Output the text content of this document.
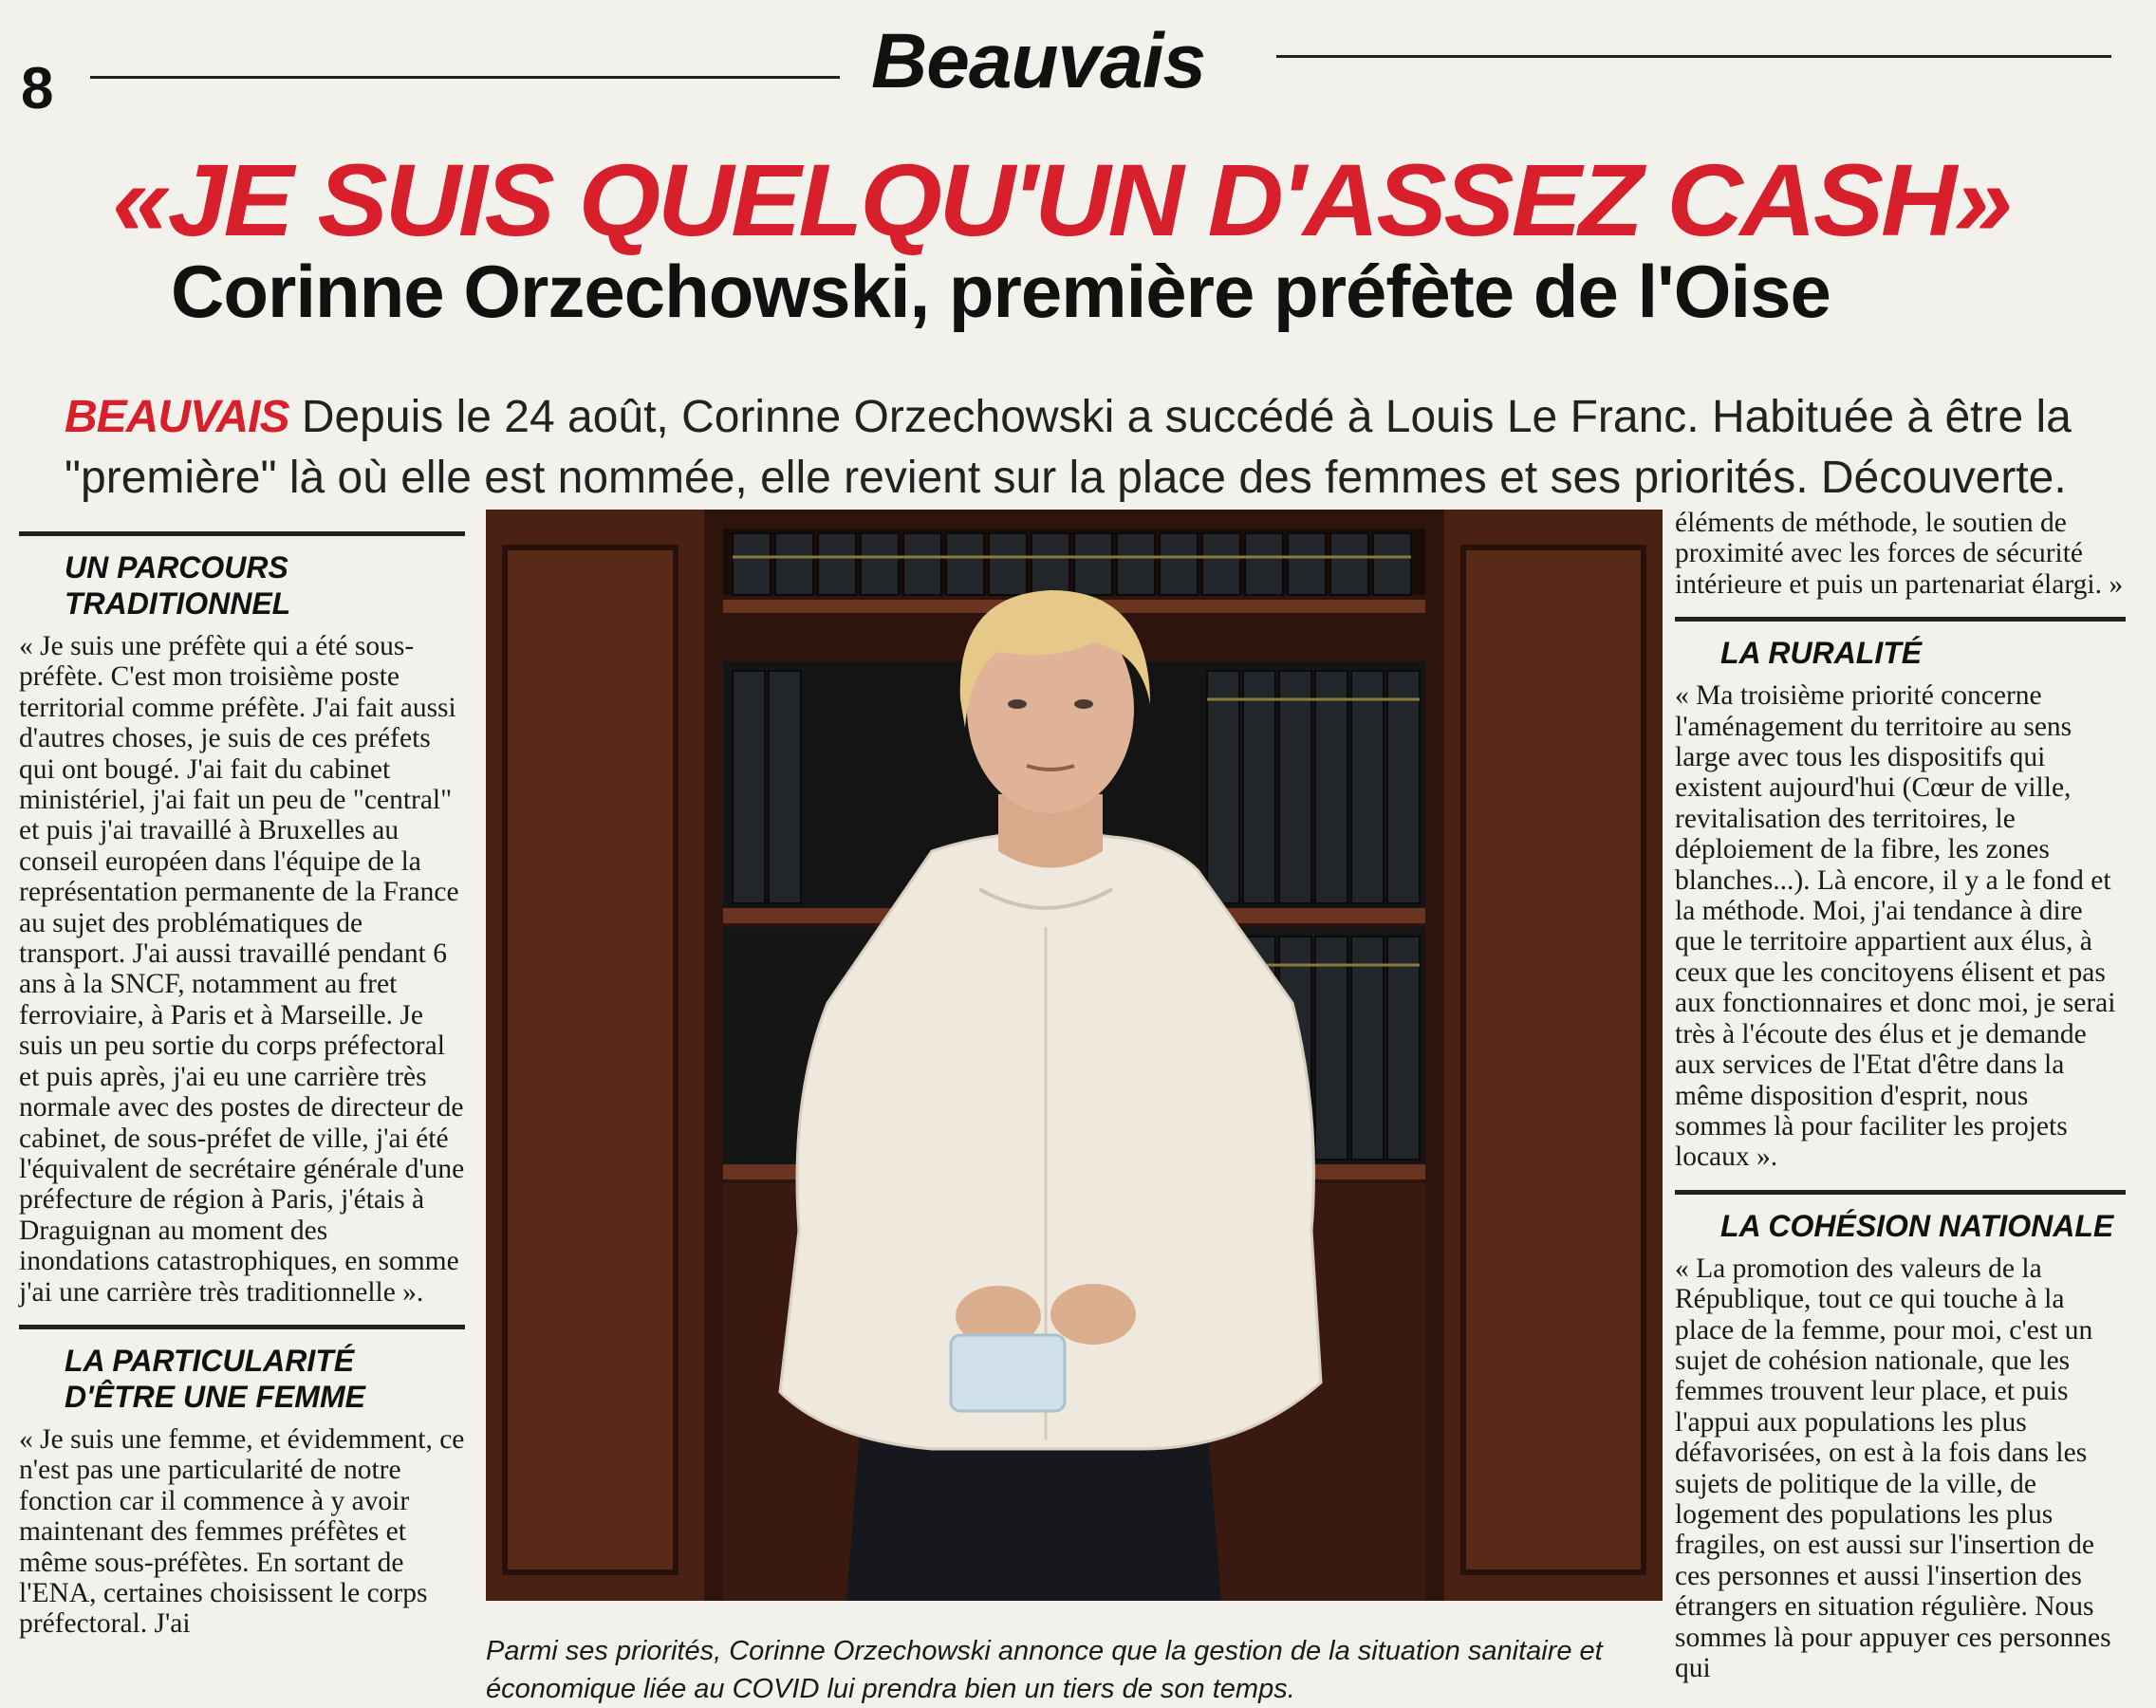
8	Beauvais
«JE SUIS QUELQU'UN D'ASSEZ CASH»
Corinne Orzechowski, première préfète de l'Oise
BEAUVAIS Depuis le 24 août, Corinne Orzechowski a succédé à Louis Le Franc. Habituée à être la "première" là où elle est nommée, elle revient sur la place des femmes et ses priorités. Découverte.
UN PARCOURS TRADITIONNEL

« Je suis une préfète qui a été sous-préfète. C'est mon troisième poste territorial comme préfète. J'ai fait aussi d'autres choses, je suis de ces préfets qui ont bougé. J'ai fait du cabinet ministériel, j'ai fait un peu de "central" et puis j'ai travaillé à Bruxelles au conseil européen dans l'équipe de la représentation permanente de la France au sujet des problématiques de transport. J'ai aussi travaillé pendant 6 ans à la SNCF, notamment au fret ferroviaire, à Paris et à Marseille. Je suis un peu sortie du corps préfectoral et puis après, j'ai eu une carrière très normale avec des postes de directeur de cabinet, de sous-préfet de ville, j'ai été l'équivalent de secrétaire générale d'une préfecture de région à Paris, j'étais à Draguignan au moment des inondations catastrophiques, en somme j'ai une carrière très traditionnelle ».

LA PARTICULARITÉ D'ÊTRE UNE FEMME

« Je suis une femme, et évidemment, ce n'est pas une particularité de notre fonction car il commence à y avoir maintenant des femmes préfètes et même sous-préfètes. En sortant de l'ENA, certaines choisissent le corps préfectoral. J'ai

Parmi ses priorités, Corinne Orzechowski annonce que la gestion de la situation sanitaire et économique liée au COVID lui prendra bien un tiers de son temps.

éléments de méthode, le soutien de proximité avec les forces de sécurité intérieure et puis un partenariat élargi. »

LA RURALITÉ

« Ma troisième priorité concerne l'aménagement du territoire au sens large avec tous les dispositifs qui existent aujourd'hui (Cœur de ville, revitalisation des territoires, le déploiement de la fibre, les zones blanches...). Là encore, il y a le fond et la méthode. Moi, j'ai tendance à dire que le territoire appartient aux élus, à ceux que les concitoyens élisent et pas aux fonctionnaires et donc moi, je serai très à l'écoute des élus et je demande aux services de l'Etat d'être dans la même disposition d'esprit, nous sommes là pour faciliter les projets locaux ».

LA COHÉSION NATIONALE

« La promotion des valeurs de la République, tout ce qui touche à la place de la femme, pour moi, c'est un sujet de cohésion nationale, que les femmes trouvent leur place, et puis l'appui aux populations les plus défavorisées, on est à la fois dans les sujets de politique de la ville, de logement des populations les plus fragiles, on est aussi sur l'insertion de ces personnes et aussi l'insertion des étrangers en situation régulière. Nous sommes là pour appuyer ces personnes qui
